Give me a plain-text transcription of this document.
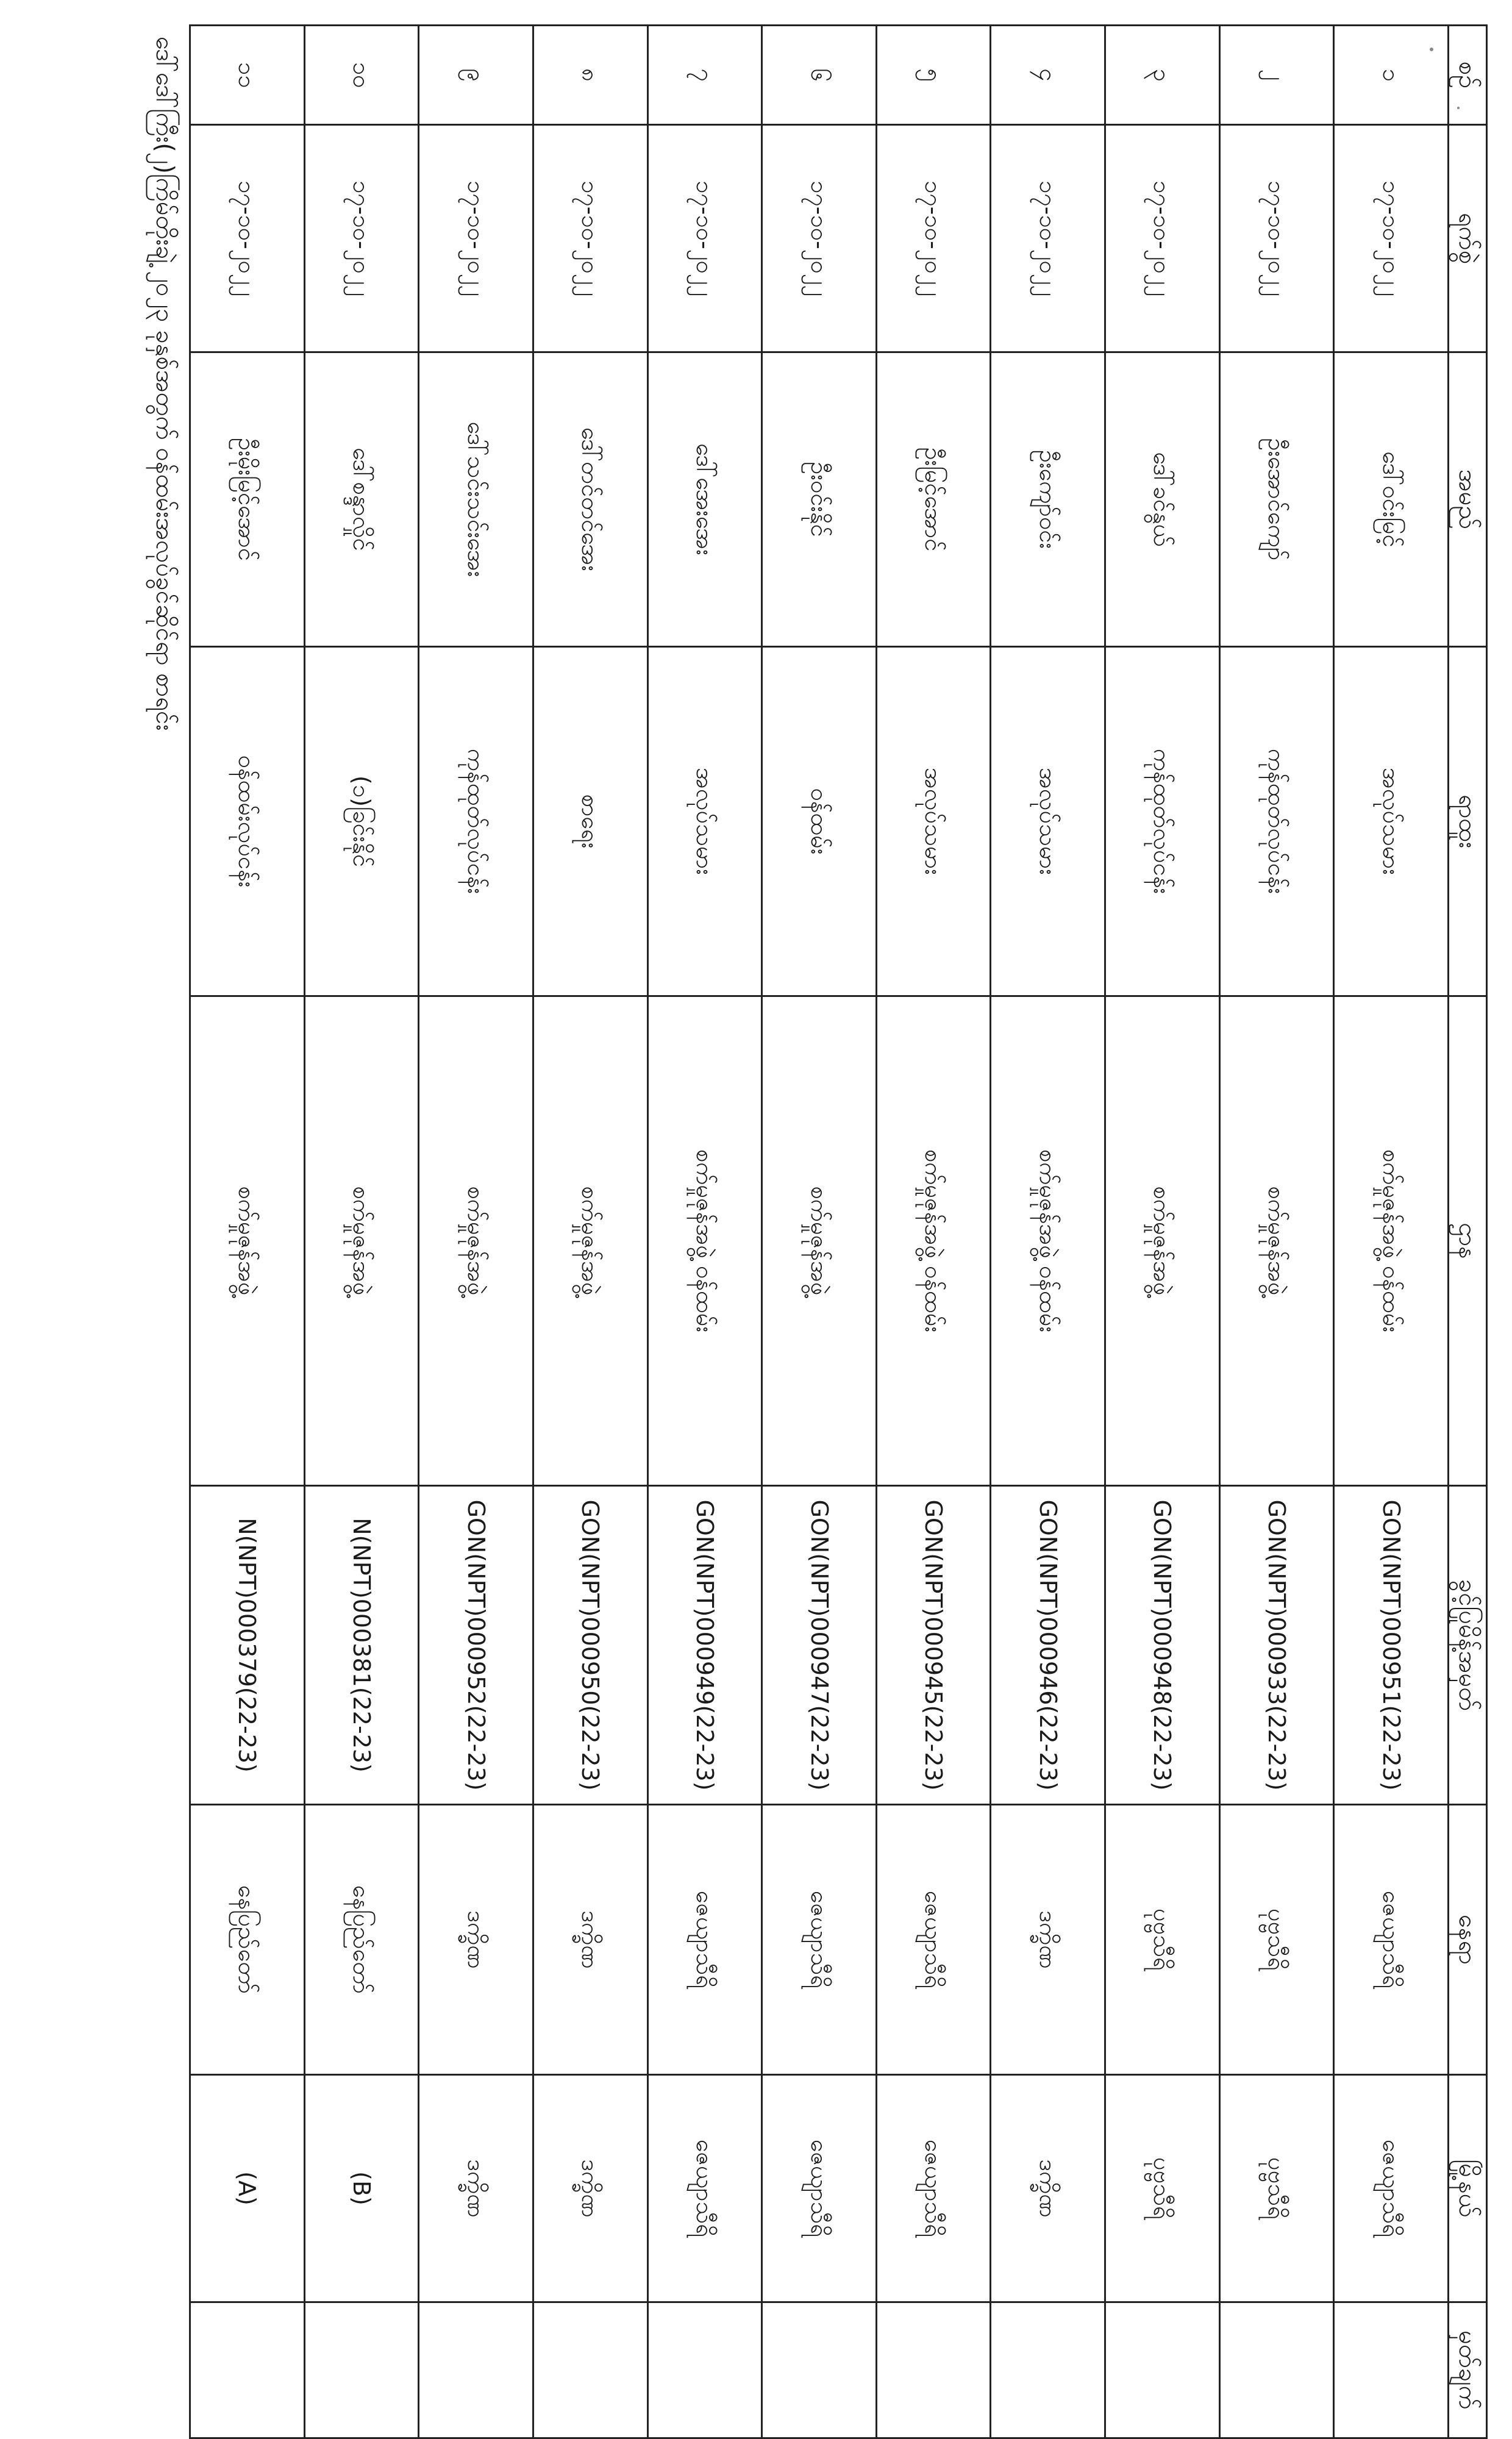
စဉ်	ရက်စွဲ	အမည်	ရာထူး	ဌာန	ခွင့်ပြုမိန့်အမှတ်	နေရာ	မြို့နယ်	မှတ်ချက်
၁	၁၇-၁၀-၂၀၂၂	ဒေါ်ဝင်းမြင့်	အလုပ်သမား	စက်မှုဇုန်အဖွဲ့ ဝန်ထမ်း	GON(NPT)000951(22-23)	ဇေယျာသီရိ	ဇေယျာသီရိ	
၂	၁၇-၁၀-၂၀၂၂	ဦးအောင်ကျော်	ကုန်ထုတ်လုပ်ငန်း	စက်မှုဇုန်အဖွဲ့	GON(NPT)000933(22-23)	ပုဗ္ဗသီရိ	ပုဗ္ဗသီရိ	
၃	၁၇-၁၀-၂၀၂၂	ဒေါ်ခင်နွယ်	ကုန်ထုတ်လုပ်ငန်း	စက်မှုဇုန်အဖွဲ့	GON(NPT)000948(22-23)	ပုဗ္ဗသီရိ	ပုဗ္ဗသီရိ	
၄	၁၇-၁၀-၂၀၂၂	ဦးကျော်ဝင်း	အလုပ်သမား	စက်မှုဇုန်အဖွဲ့ ဝန်ထမ်း	GON(NPT)000946(22-23)	ဒက္ခိဏ	ဒက္ခိဏ	
၅	၁၇-၁၀-၂၀၂၂	ဦးမြင့်အောင်	အလုပ်သမား	စက်မှုဇုန်အဖွဲ့ ဝန်ထမ်း	GON(NPT)000945(22-23)	ဇေယျာသီရိ	ဇေယျာသီရိ	
၆	၁၇-၁၀-၂၀၂၂	ဦးဝင်းနိုင်	ဝန်ထမ်း	စက်မှုဇုန်အဖွဲ့	GON(NPT)000947(22-23)	ဇေယျာသီရိ	ဇေယျာသီရိ	
၇	၁၇-၁၀-၂၀၂၂	ဒေါ်အေးအေး	အလုပ်သမား	စက်မှုဇုန်အဖွဲ့ ဝန်ထမ်း	GON(NPT)000949(22-23)	ဇေယျာသီရိ	ဇေယျာသီရိ	
၈	၁၇-၁၀-၂၀၂၂	ဒေါ်တင်တင်အေး	စာရေး	စက်မှုဇုန်အဖွဲ့	GON(NPT)000950(22-23)	ဒက္ခိဏ	ဒက္ခိဏ	
၉	၁၇-၁၀-၂၀၂၂	ဒေါ်သင်းသင်းအေး	ကုန်ထုတ်လုပ်ငန်း	စက်မှုဇုန်အဖွဲ့	GON(NPT)000952(22-23)	ဒက္ခိဏ	ဒက္ခိဏ	
၁၀	၁၇-၁၀-၂၀၂၂	ဒေါ်စန္ဒာလှိုင်	(၁)ခြင်းနိုင်	စက်မှုဇုန်အဖွဲ့	N(NPT)000381(22-23)	နေပြည်တော်	(B)	
၁၁	၁၇-၁၀-၂၀၂၂	ဦးမိုးမြင့်အောင်	ဝန်ထမ်းလုပ်ငန်း	စက်မှုဇုန်အဖွဲ့	N(NPT)000379(22-23)	နေပြည်တော်	(A)	
ဒေါ်ဒေါ်ကြီး(၂)ကြိမ်တိုးချဲ့ ၂၀၂၃ ခုနှစ်အတွက် ဝန်ထမ်းအလုပ်ခွင်ဆိုင်ရာ စာရင်း
